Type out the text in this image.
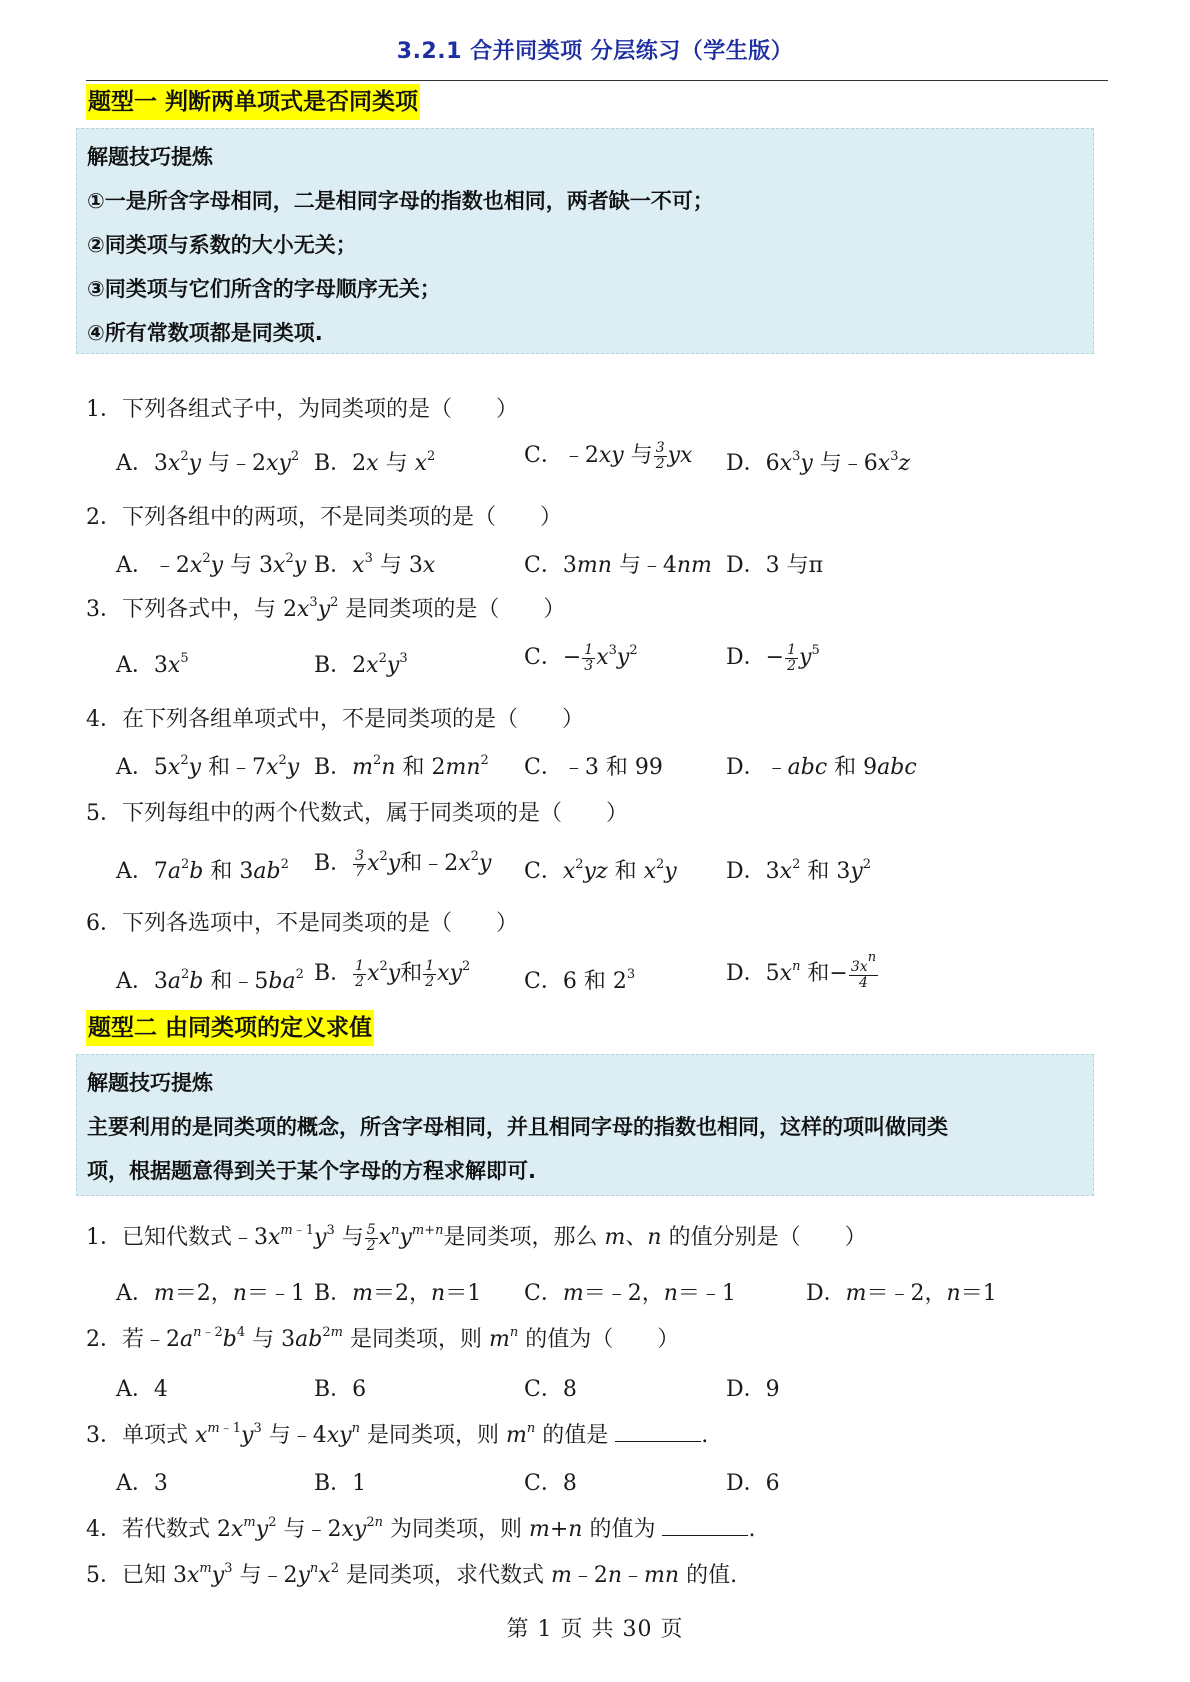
3.2.1 合并同类项 分层练习（学生版）
题型一 判断两单项式是否同类项
解题技巧提炼
①一是所含字母相同，二是相同字母的指数也相同，两者缺一不可；
②同类项与系数的大小无关；
③同类项与它们所含的字母顺序无关；
④所有常数项都是同类项.
1．下列各组式子中，为同类项的是（　　）
A．$3x^2y$ 与$﹣2xy^2$ B．2x 与 $x^2$	C．﹣2xy 与 $\frac{3}{2}$ yx D．$6x^3y$ 与$﹣6x^3z$
2．下列各组中的两项，不是同类项的是（　　）
A．$﹣2x^2y$ 与 $3x^2y$ B．$x^3$ 与 3x	C．3mn 与﹣4nm D．3 与π
3．下列各式中，与 $2x^3y^2$ 是同类项的是（　　）
A．$3x^5$	B．$2x^2y^3$	C．− $\frac{1}{3} x^3y^2$	D．− $\frac{1}{2} y^5$
4．在下列各组单项式中，不是同类项的是（　　）
A．$5x^2y$ 和$﹣7x^2y$ B．$m^2n$ 和 $2mn^2$ C．﹣3 和 99	D．﹣abc 和 9abc
5．下列每组中的两个代数式，属于同类项的是（　　）
A．$7a^2b$ 和 $3ab^2$ B． $\frac{3}{7} x^2y$和$﹣2x^2y$ C．$x^2yz$ 和 $x^2y$ D．$3x^2$ 和 $3y^2$
6．下列各选项中，不是同类项的是（　　）
A．$3a^2b$ 和$﹣5ba^2$ B． $\frac{1}{2} x^2y$和 $\frac{1}{2} xy^2$
C．6 和 $2^3$	D．$5x^n$ 和− $\frac{3x^n}{4}$
题型二 由同类项的定义求值
解题技巧提炼
主要利用的是同类项的概念，所含字母相同，并且相同字母的指数也相同，这样的项叫做同类
项，根据题意得到关于某个字母的方程求解即可.
1．已知代数式$﹣3x^{m﹣1}y^3$ 与 $\frac{5}{2} x^ny^{m+n}$是同类项，那么 m、n 的值分别是（　　）
A．m＝2，n＝﹣1 B．m＝2，n＝1 C．m＝﹣2，n＝﹣1	D．m＝﹣2，n＝1
2．若$﹣2a^{n﹣2}b^4$ 与 $3ab^{2m}$ 是同类项，则 $m^n$ 的值为（　　）
A．4	B．6	C．8	D．9
3．单项式 $x^{m﹣1}y^3$ 与$﹣4xy^n$ 是同类项，则 $m^n$ 的值是	.
A．3	B．1	C．8	D．6
4．若代数式 $2x^my^2$ 与$﹣2xy^{2n}$ 为同类项，则 m+n 的值为	.
5．已知 $3x^my^3$ 与$﹣2y^nx^2$ 是同类项，求代数式 m﹣2n﹣mn 的值.
第 1 页 共 30 页
